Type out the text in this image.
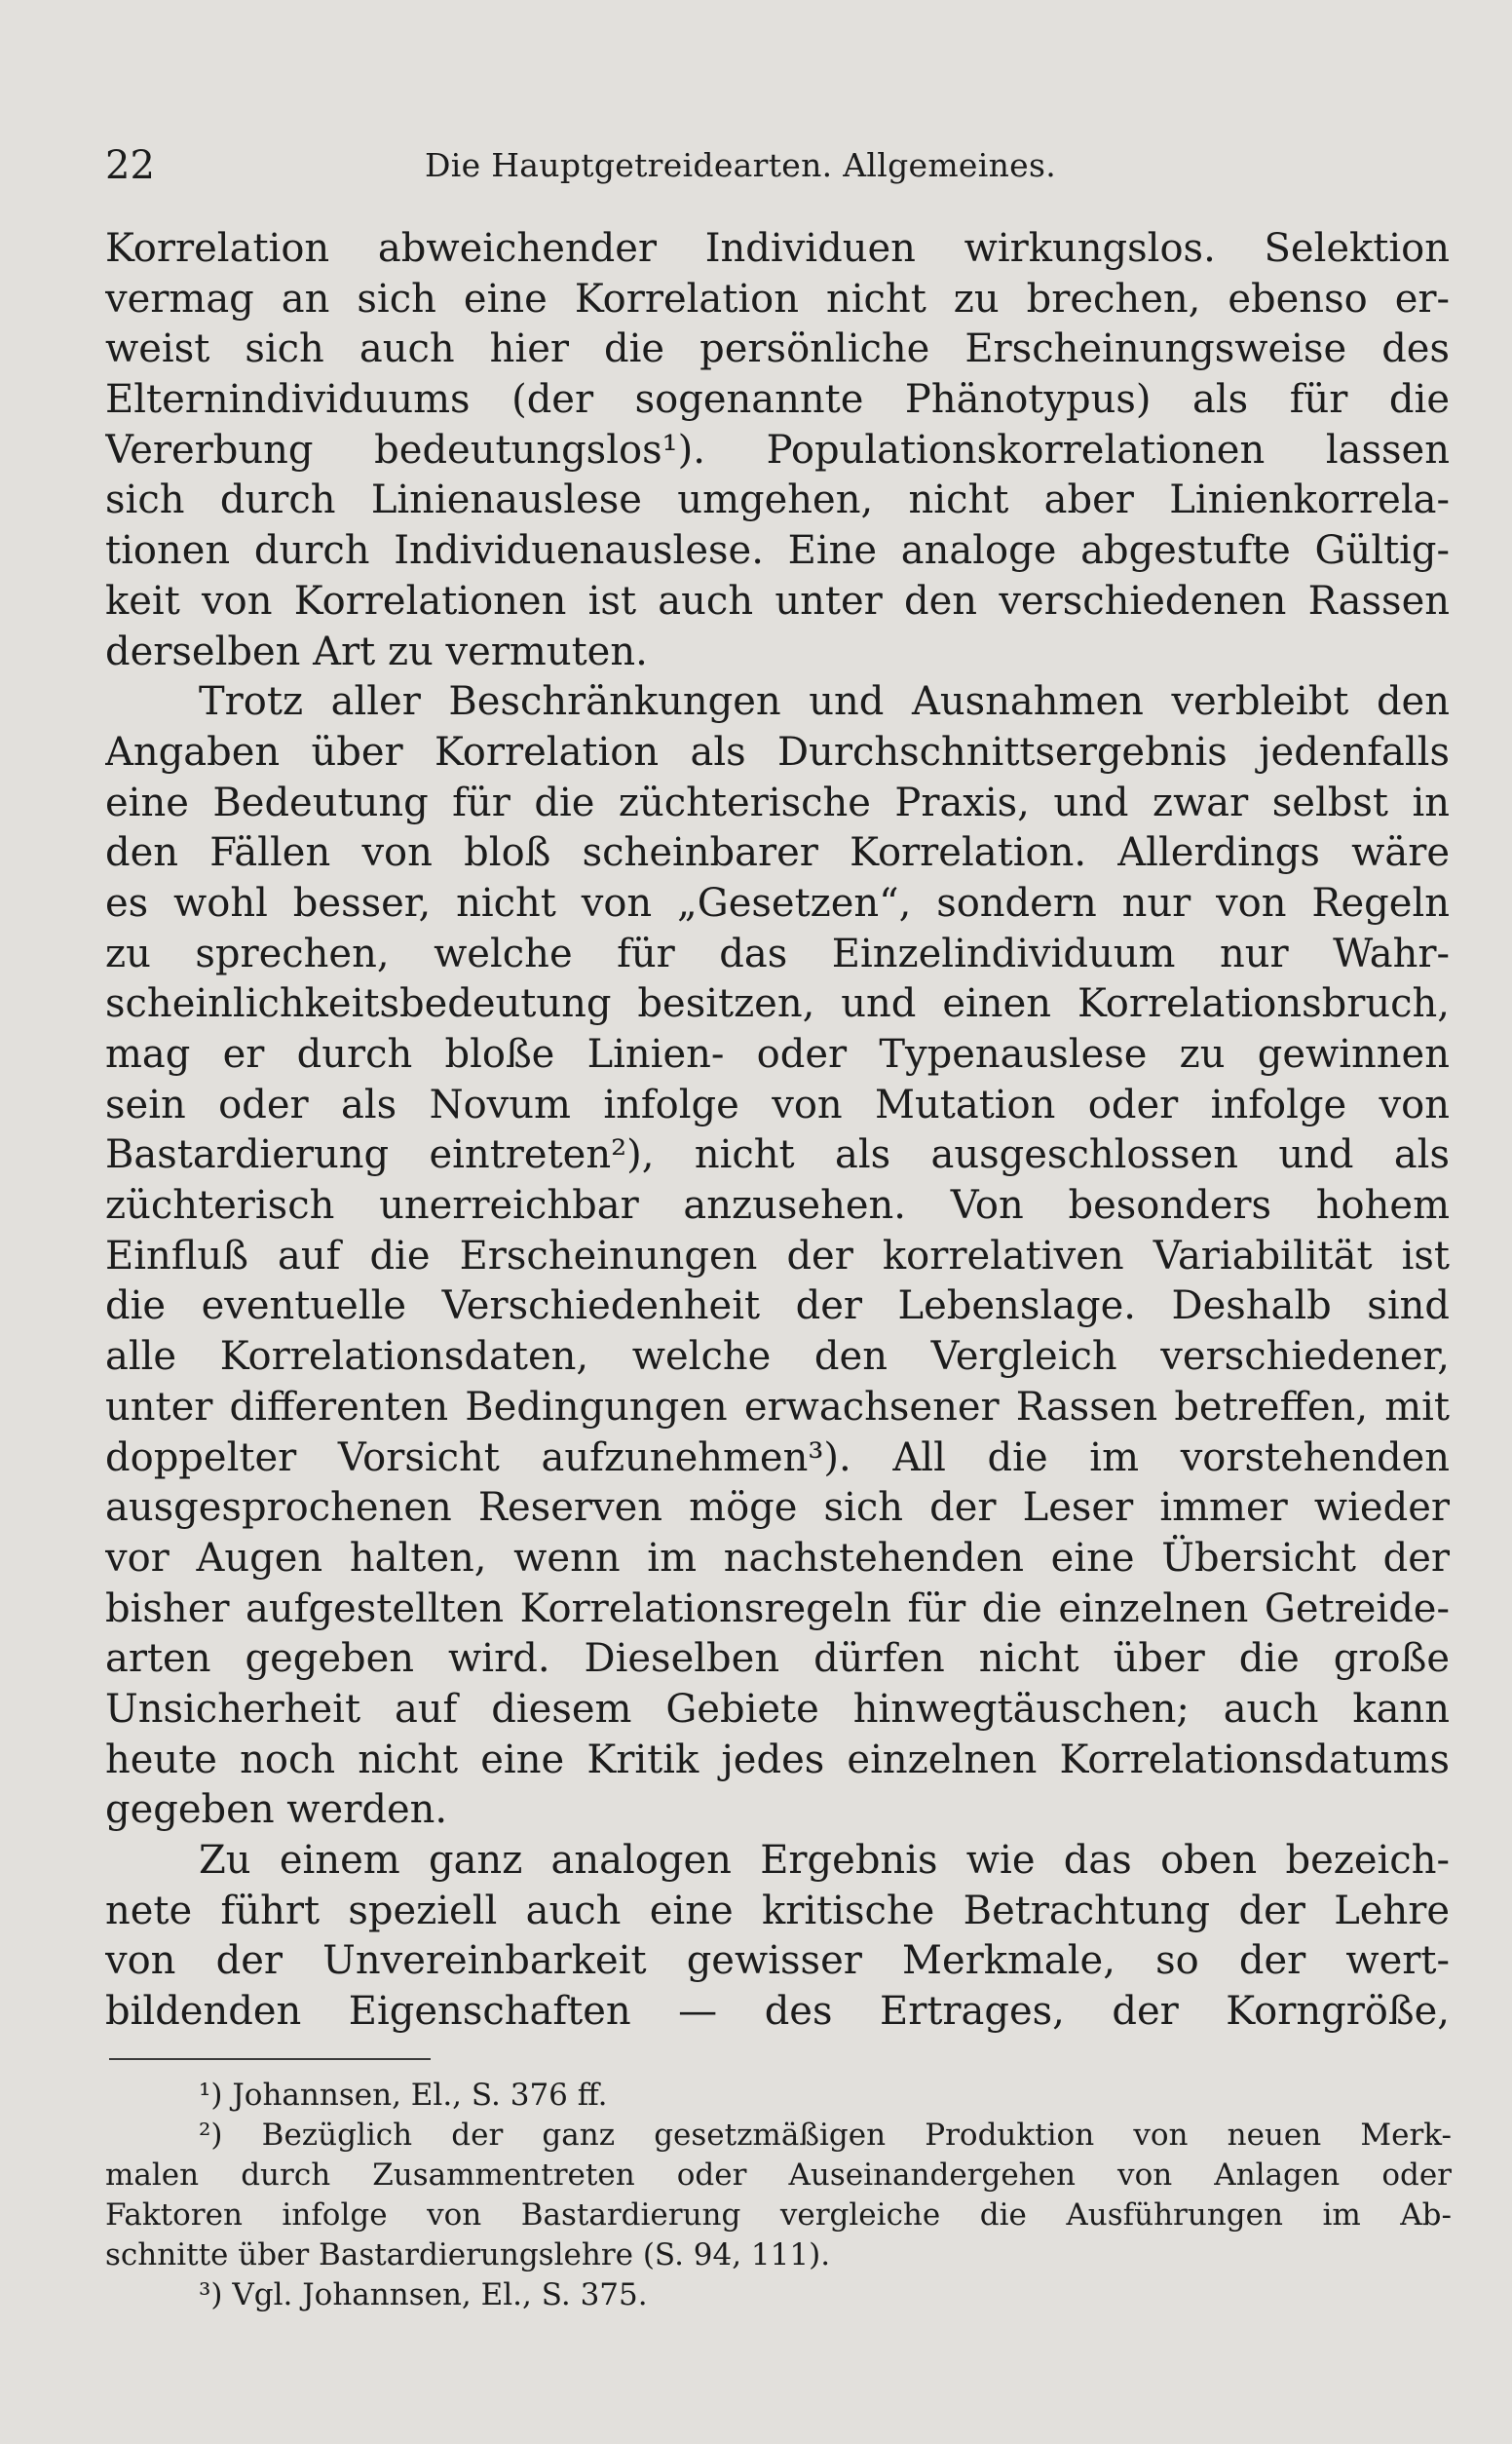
22	Die Hauptgetreidearten. Allgemeines.
Korrelation abweichender Individuen wirkungslos. Selektion
vermag an sich eine Korrelation nicht zu brechen, ebenso er-
weist sich auch hier die persönliche Erscheinungsweise des
Elternindividuums (der sogenannte Phänotypus) als für die
Vererbung bedeutungslos¹). Populationskorrelationen lassen
sich durch Linienauslese umgehen, nicht aber Linienkorrela-
tionen durch Individuenauslese. Eine analoge abgestufte Gültig-
keit von Korrelationen ist auch unter den verschiedenen Rassen
derselben Art zu vermuten.
Trotz aller Beschränkungen und Ausnahmen verbleibt den
Angaben über Korrelation als Durchschnittsergebnis jedenfalls
eine Bedeutung für die züchterische Praxis, und zwar selbst in
den Fällen von bloß scheinbarer Korrelation. Allerdings wäre
es wohl besser, nicht von „Gesetzen“, sondern nur von Regeln
zu sprechen, welche für das Einzelindividuum nur Wahr-
scheinlichkeitsbedeutung besitzen, und einen Korrelationsbruch,
mag er durch bloße Linien- oder Typenauslese zu gewinnen
sein oder als Novum infolge von Mutation oder infolge von
Bastardierung eintreten²), nicht als ausgeschlossen und als
züchterisch unerreichbar anzusehen. Von besonders hohem
Einfluß auf die Erscheinungen der korrelativen Variabilität ist
die eventuelle Verschiedenheit der Lebenslage. Deshalb sind
alle Korrelationsdaten, welche den Vergleich verschiedener,
unter differenten Bedingungen erwachsener Rassen betreffen, mit
doppelter Vorsicht aufzunehmen³). All die im vorstehenden
ausgesprochenen Reserven möge sich der Leser immer wieder
vor Augen halten, wenn im nachstehenden eine Übersicht der
bisher aufgestellten Korrelationsregeln für die einzelnen Getreide-
arten gegeben wird. Dieselben dürfen nicht über die große
Unsicherheit auf diesem Gebiete hinwegtäuschen; auch kann
heute noch nicht eine Kritik jedes einzelnen Korrelationsdatums
gegeben werden.
Zu einem ganz analogen Ergebnis wie das oben bezeich-
nete führt speziell auch eine kritische Betrachtung der Lehre
von der Unvereinbarkeit gewisser Merkmale, so der wert-
bildenden Eigenschaften — des Ertrages, der Korngröße,
¹) Johannsen, El., S. 376 ff.
²) Bezüglich der ganz gesetzmäßigen Produktion von neuen Merk-
malen durch Zusammentreten oder Auseinandergehen von Anlagen oder
Faktoren infolge von Bastardierung vergleiche die Ausführungen im Ab-
schnitte über Bastardierungslehre (S. 94, 111).
³) Vgl. Johannsen, El., S. 375.
